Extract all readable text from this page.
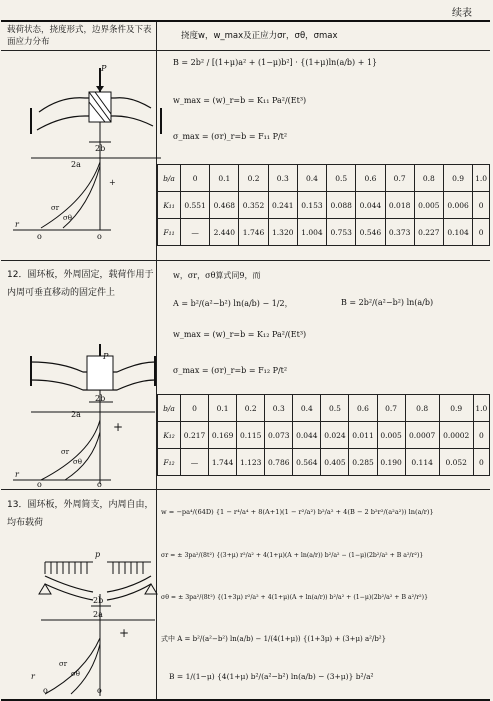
续表
载荷状态，挠度形式，边界条件及下表面应力分布
挠度w，w_max及正应力σr，σθ，σmax
P
2b
2a
+
r
σr
σθ
o	o
B = 2b² / [(1+μ)a² + (1−μ)b²] · {(1+μ)ln(a/b) + 1}
w_max = (w)_r=b = K₁₁ Pa²/(Et³)
σ_max = (σr)_r=b = F₁₁ P/t²
b/a	0	0.1	0.2	0.3	0.4	0.5	0.6	0.7	0.8	0.9	1.0
K₁₁	0.551	0.468	0.352	0.241	0.153	0.088	0.044	0.018	0.005	0.006	0
F₁₁	—	2.440	1.746	1.320	1.004	0.753	0.546	0.373	0.227	0.104	0
12．圆环板，外周固定，载荷作用于内周可垂直移动的固定件上
P
2b
2a
+
r
σr
σθ
o	o
w，σr，σθ算式同9，而
A = b²/(a²−b²) ln(a/b) − 1/2，	B = 2b²/(a²−b²) ln(a/b)
w_max = (w)_r=b = K₁₂ Pa²/(Et³)
σ_max = (σr)_r=b = F₁₂ P/t²
b/a	0	0.1	0.2	0.3	0.4	0.5	0.6	0.7	0.8	0.9	1.0
K₁₂	0.217	0.169	0.115	0.073	0.044	0.024	0.011	0.005	0.0007	0.0002	0
F₁₂	—	1.744	1.123	0.786	0.564	0.405	0.285	0.190	0.114	0.052	0
13．圆环板，外周简支，内周自由，均布载荷
p
2b
2a
+
r
σr
σθ
o	o
w = −pa⁴/(64D) {1 − r⁴/a⁴ + 8(A+1)(1 − r²/a²) b²/a² + 4(B − 2 b²r²/(a²a²)) ln(a/r)}
σr = ± 3pa²/(8t²) {(3+μ) r²/a² + 4(1+μ)(A + ln(a/r)) b²/a² − (1−μ)(2b²/a² + B a²/r²)}
σθ = ± 3pa²/(8t²) {(1+3μ) r²/a² + 4(1+μ)(A + ln(a/r)) b²/a² + (1−μ)(2b²/a² + B a²/r²)}
式中 A = b²/(a²−b²) ln(a/b) − 1/(4(1+μ)) {(1+3μ) + (3+μ) a²/b²}
B = 1/(1−μ) {4(1+μ) b²/(a²−b²) ln(a/b) − (3+μ)} b²/a²
